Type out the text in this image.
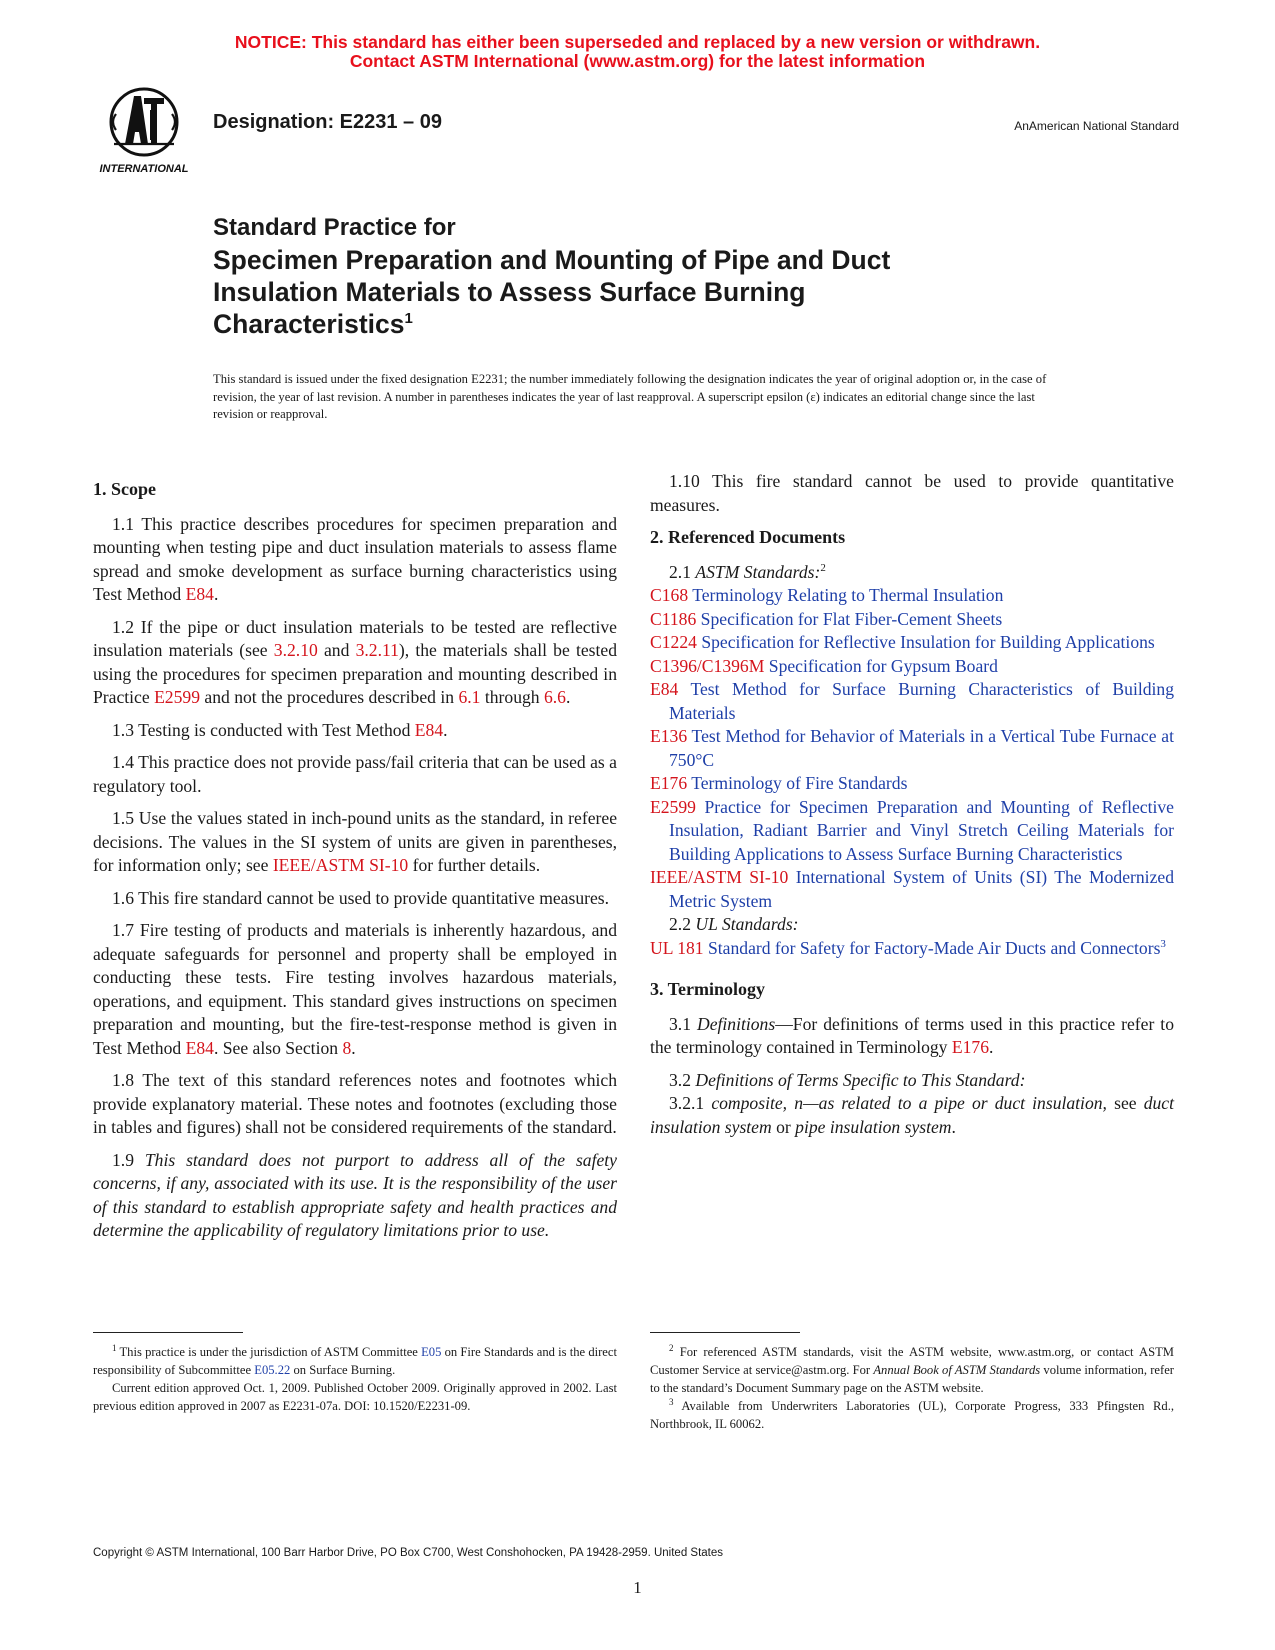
NOTICE: This standard has either been superseded and replaced by a new version or withdrawn.
Contact ASTM International (www.astm.org) for the latest information
INTERNATIONAL
Designation: E2231 – 09	AnAmerican National Standard
Standard Practice for
Specimen Preparation and Mounting of Pipe and Duct
Insulation Materials to Assess Surface Burning
Characteristics$^1$
This standard is issued under the fixed designation E2231; the number immediately following the designation indicates the year of original adoption or, in the case of revision, the year of last revision. A number in parentheses indicates the year of last reapproval. A superscript epsilon (ε) indicates an editorial change since the last revision or reapproval.
1. Scope

1.1 This practice describes procedures for specimen preparation and mounting when testing pipe and duct insulation materials to assess flame spread and smoke development as surface burning characteristics using Test Method E84.

1.2 If the pipe or duct insulation materials to be tested are reflective insulation materials (see 3.2.10 and 3.2.11), the materials shall be tested using the procedures for specimen preparation and mounting described in Practice E2599 and not the procedures described in 6.1 through 6.6.

1.3 Testing is conducted with Test Method E84.

1.4 This practice does not provide pass/fail criteria that can be used as a regulatory tool.

1.5 Use the values stated in inch-pound units as the standard, in referee decisions. The values in the SI system of units are given in parentheses, for information only; see IEEE/ASTM SI-10 for further details.

1.6 This fire standard cannot be used to provide quantitative measures.

1.7 Fire testing of products and materials is inherently hazardous, and adequate safeguards for personnel and property shall be employed in conducting these tests. Fire testing involves hazardous materials, operations, and equipment. This standard gives instructions on specimen preparation and mounting, but the fire-test-response method is given in Test Method E84. See also Section 8.

1.8 The text of this standard references notes and footnotes which provide explanatory material. These notes and footnotes (excluding those in tables and figures) shall not be considered requirements of the standard.

1.9 This standard does not purport to address all of the safety concerns, if any, associated with its use. It is the responsibility of the user of this standard to establish appropriate safety and health practices and determine the applicability of regulatory limitations prior to use.

1.10 This fire standard cannot be used to provide quantitative measures.

2. Referenced Documents

2.1 ASTM Standards:$^2$

C168 Terminology Relating to Thermal Insulation

C1186 Specification for Flat Fiber-Cement Sheets

C1224 Specification for Reflective Insulation for Building Applications

C1396/C1396M Specification for Gypsum Board

E84 Test Method for Surface Burning Characteristics of Building Materials

E136 Test Method for Behavior of Materials in a Vertical Tube Furnace at 750°C

E176 Terminology of Fire Standards

E2599 Practice for Specimen Preparation and Mounting of Reflective Insulation, Radiant Barrier and Vinyl Stretch Ceiling Materials for Building Applications to Assess Surface Burning Characteristics

IEEE/ASTM SI-10 International System of Units (SI) The Modernized Metric System

2.2 UL Standards:

UL 181 Standard for Safety for Factory-Made Air Ducts and Connectors$^3$

3. Terminology

3.1 Definitions—For definitions of terms used in this practice refer to the terminology contained in Terminology E176.

3.2 Definitions of Terms Specific to This Standard:

3.2.1 composite, n—as related to a pipe or duct insulation, see duct insulation system or pipe insulation system.

$^1$ This practice is under the jurisdiction of ASTM Committee E05 on Fire Standards and is the direct responsibility of Subcommittee E05.22 on Surface Burning.

Current edition approved Oct. 1, 2009. Published October 2009. Originally approved in 2002. Last previous edition approved in 2007 as E2231-07a. DOI: 10.1520/E2231-09.

$^2$ For referenced ASTM standards, visit the ASTM website, www.astm.org, or contact ASTM Customer Service at service@astm.org. For Annual Book of ASTM Standards volume information, refer to the standard’s Document Summary page on the ASTM website.

$^3$ Available from Underwriters Laboratories (UL), Corporate Progress, 333 Pfingsten Rd., Northbrook, IL 60062.

Copyright © ASTM International, 100 Barr Harbor Drive, PO Box C700, West Conshohocken, PA 19428-2959. United States
1
